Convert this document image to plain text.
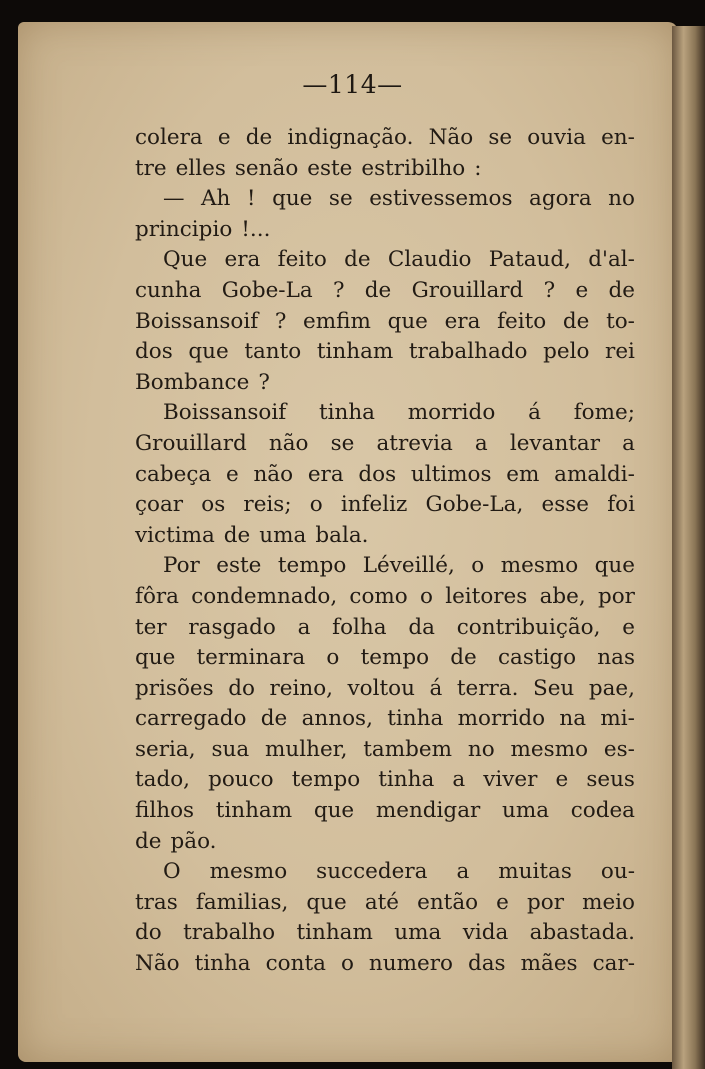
—114—
colera e de indignação. Não se ouvia en-
tre elles senão este estribilho :
— Ah ! que se estivessemos agora no
principio !...
Que era feito de Claudio Pataud, d'al-
cunha Gobe-La ? de Grouillard ? e de
Boissansoif ? emfim que era feito de to-
dos que tanto tinham trabalhado pelo rei
Bombance ?
Boissansoif tinha morrido á fome;
Grouillard não se atrevia a levantar a
cabeça e não era dos ultimos em amaldi-
çoar os reis; o infeliz Gobe-La, esse foi
victima de uma bala.
Por este tempo Léveillé, o mesmo que
fôra condemnado, como o leitores abe, por
ter rasgado a folha da contribuição, e
que terminara o tempo de castigo nas
prisões do reino, voltou á terra. Seu pae,
carregado de annos, tinha morrido na mi-
seria, sua mulher, tambem no mesmo es-
tado, pouco tempo tinha a viver e seus
filhos tinham que mendigar uma codea
de pão.
O mesmo succedera a muitas ou-
tras familias, que até então e por meio
do trabalho tinham uma vida abastada.
Não tinha conta o numero das mães car-
